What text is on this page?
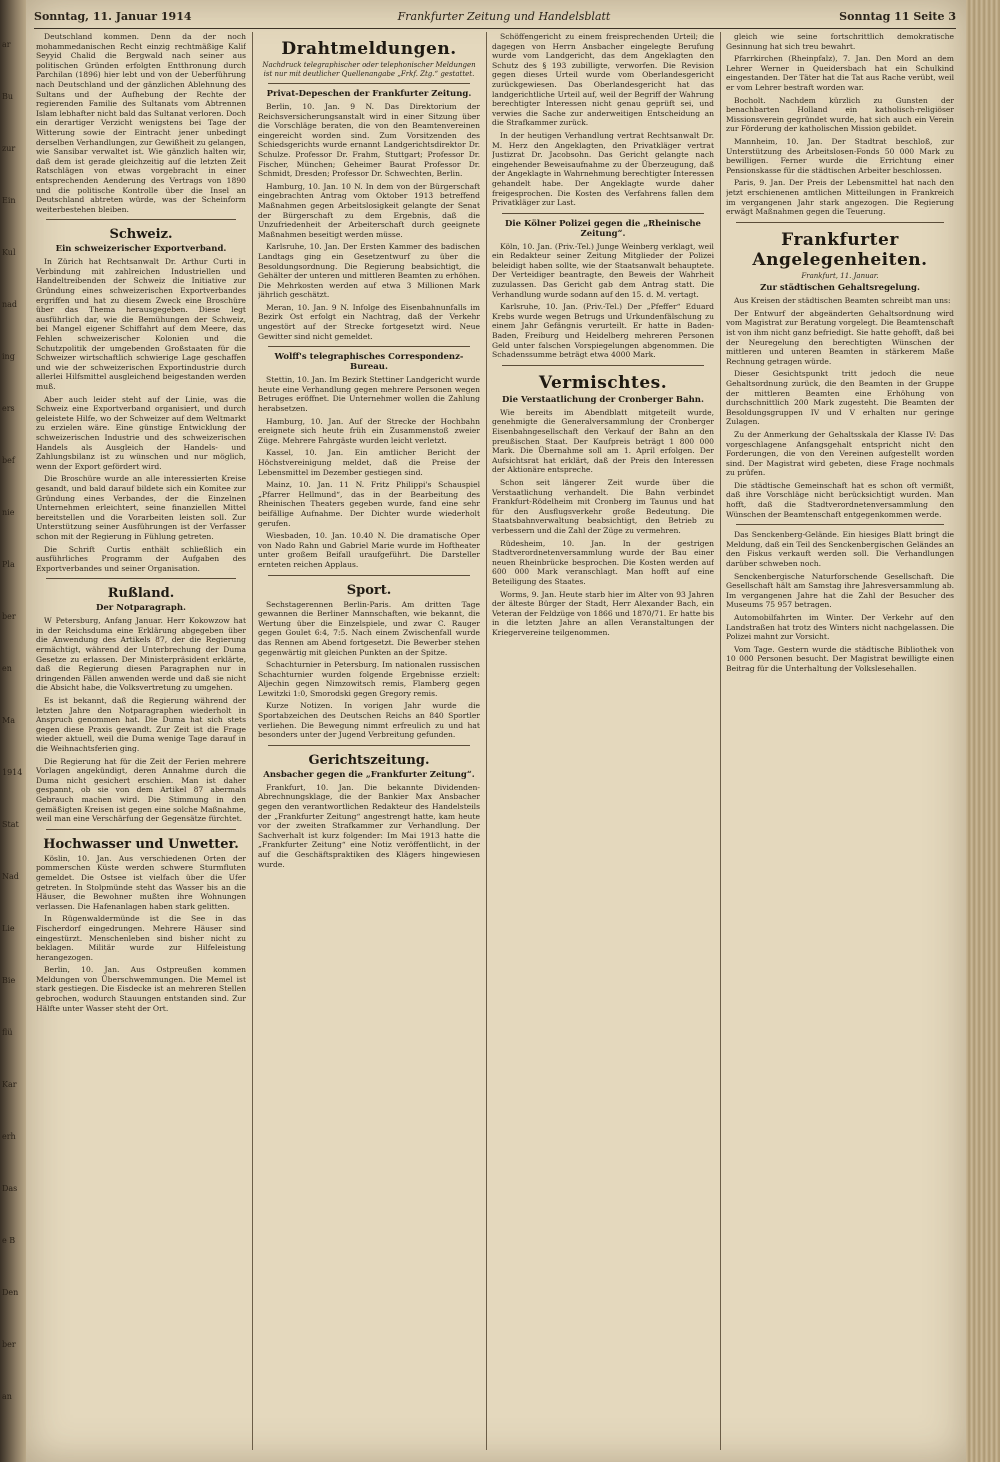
ar
Bu
zur
Ein
Kul
nad
ing
ers
bef
nie
Pla
ber
en
Ma
1914
Stat
Nad
Lie
Bie
flü
Kar
erh
Das
e B
Den
ber
an
Sonntag, 11. Januar 1914	Frankfurter Zeitung und Handelsblatt	Sonntag 11 Seite 3

Deutschland kommen. Denn da der noch mohammedanischen Recht einzig rechtmäßige Kalif Seyyid Chalid die Bergwald nach seiner aus politischen Gründen erfolgten Entthronung durch Parchilan (1896) hier lebt und von der Ueberführung nach Deutschland und der gänzlichen Ablehnung des Sultans und der Aufhebung der Rechte der regierenden Familie des Sultanats vom Abtrennen Islam lebhafter nicht bald das Sultanat verloren. Doch ein derartiger Verzicht wenigstens bei Tage der Witterung sowie der Eintracht jener unbedingt derselben Verhandlungen, zur Gewißheit zu gelangen, wie Sansibar verwaltet ist. Wie gänzlich halten wir, daß dem ist gerade gleichzeitig auf die letzten Zeit Ratschlägen von etwas vorgebracht in einer entsprechenden Aenderung des Vertrags von 1890 und die politische Kontrolle über die Insel an Deutschland abtreten würde, was der Scheinform weiterbestehen bleiben.

Schweiz.
Ein schweizerischer Exportverband.

In Zürich hat Rechtsanwalt Dr. Arthur Curti in Verbindung mit zahlreichen Industriellen und Handeltreibenden der Schweiz die Initiative zur Gründung eines schweizerischen Exportverbandes ergriffen und hat zu diesem Zweck eine Broschüre über das Thema herausgegeben. Diese legt ausführlich dar, wie die Bemühungen der Schweiz, bei Mangel eigener Schiffahrt auf dem Meere, das Fehlen schweizerischer Kolonien und die Schutzpolitik der umgebenden Großstaaten für die Schweizer wirtschaftlich schwierige Lage geschaffen und wie der schweizerischen Exportindustrie durch allerlei Hilfsmittel ausgleichend beigestanden werden muß.

Aber auch leider steht auf der Linie, was die Schweiz eine Exportverband organisiert, und durch geleistete Hilfe, wo der Schweizer auf dem Weltmarkt zu erzielen wäre. Eine günstige Entwicklung der schweizerischen Industrie und des schweizerischen Handels als Ausgleich der Handels- und Zahlungsbilanz ist zu wünschen und nur möglich, wenn der Export gefördert wird.

Die Broschüre wurde an alle interessierten Kreise gesandt, und bald darauf bildete sich ein Komitee zur Gründung eines Verbandes, der die Einzelnen Unternehmen erleichtert, seine finanziellen Mittel bereitstellen und die Vorarbeiten leisten soll. Zur Unterstützung seiner Ausführungen ist der Verfasser schon mit der Regierung in Fühlung getreten.

Die Schrift Curtis enthält schließlich ein ausführliches Programm der Aufgaben des Exportverbandes und seiner Organisation.

Rußland.
Der Notparagraph.

W Petersburg, Anfang Januar. Herr Kokowzow hat in der Reichsduma eine Erklärung abgegeben über die Anwendung des Artikels 87, der die Regierung ermächtigt, während der Unterbrechung der Duma Gesetze zu erlassen. Der Ministerpräsident erklärte, daß die Regierung diesen Paragraphen nur in dringenden Fällen anwenden werde und daß sie nicht die Absicht habe, die Volksvertretung zu umgehen.

Es ist bekannt, daß die Regierung während der letzten Jahre den Notparagraphen wiederholt in Anspruch genommen hat. Die Duma hat sich stets gegen diese Praxis gewandt. Zur Zeit ist die Frage wieder aktuell, weil die Duma wenige Tage darauf in die Weihnachtsferien ging.

Die Regierung hat für die Zeit der Ferien mehrere Vorlagen angekündigt, deren Annahme durch die Duma nicht gesichert erschien. Man ist daher gespannt, ob sie von dem Artikel 87 abermals Gebrauch machen wird. Die Stimmung in den gemäßigten Kreisen ist gegen eine solche Maßnahme, weil man eine Verschärfung der Gegensätze fürchtet.

Hochwasser und Unwetter.

Köslin, 10. Jan. Aus verschiedenen Orten der pommerschen Küste werden schwere Sturmfluten gemeldet. Die Ostsee ist vielfach über die Ufer getreten. In Stolpmünde steht das Wasser bis an die Häuser, die Bewohner mußten ihre Wohnungen verlassen. Die Hafenanlagen haben stark gelitten.

In Rügenwaldermünde ist die See in das Fischerdorf eingedrungen. Mehrere Häuser sind eingestürzt. Menschenleben sind bisher nicht zu beklagen. Militär wurde zur Hilfeleistung herangezogen.

Berlin, 10. Jan. Aus Ostpreußen kommen Meldungen von Überschwemmungen. Die Memel ist stark gestiegen. Die Eisdecke ist an mehreren Stellen gebrochen, wodurch Stauungen entstanden sind. Zur Hälfte unter Wasser steht der Ort.

Drahtmeldungen.
Nachdruck telegraphischer oder telephonischer Meldungen ist nur mit deutlicher Quellenangabe „Frkf. Ztg.“ gestattet.
Privat-Depeschen der Frankfurter Zeitung.

Berlin, 10. Jan. 9 N. Das Direktorium der Reichsversicherungsanstalt wird in einer Sitzung über die Vorschläge beraten, die von den Beamtenvereinen eingereicht worden sind. Zum Vorsitzenden des Schiedsgerichts wurde ernannt Landgerichtsdirektor Dr. Schulze. Professor Dr. Frahm, Stuttgart; Professor Dr. Fischer, München; Geheimer Baurat Professor Dr. Schmidt, Dresden; Professor Dr. Schwechten, Berlin.

Hamburg, 10. Jan. 10 N. In dem von der Bürgerschaft eingebrachten Antrag vom Oktober 1913 betreffend Maßnahmen gegen Arbeitslosigkeit gelangte der Senat der Bürgerschaft zu dem Ergebnis, daß die Unzufriedenheit der Arbeiterschaft durch geeignete Maßnahmen beseitigt werden müsse.

Karlsruhe, 10. Jan. Der Ersten Kammer des badischen Landtags ging ein Gesetzentwurf zu über die Besoldungsordnung. Die Regierung beabsichtigt, die Gehälter der unteren und mittleren Beamten zu erhöhen. Die Mehrkosten werden auf etwa 3 Millionen Mark jährlich geschätzt.

Meran, 10. Jan. 9 N. Infolge des Eisenbahnunfalls im Bezirk Ost erfolgt ein Nachtrag, daß der Verkehr ungestört auf der Strecke fortgesetzt wird. Neue Gewitter sind nicht gemeldet.

Wolff's telegraphisches Correspondenz-Bureau.

Stettin, 10. Jan. Im Bezirk Stettiner Landgericht wurde heute eine Verhandlung gegen mehrere Personen wegen Betruges eröffnet. Die Unternehmer wollen die Zahlung herabsetzen.

Hamburg, 10. Jan. Auf der Strecke der Hochbahn ereignete sich heute früh ein Zusammenstoß zweier Züge. Mehrere Fahrgäste wurden leicht verletzt.

Kassel, 10. Jan. Ein amtlicher Bericht der Höchstvereinigung meldet, daß die Preise der Lebensmittel im Dezember gestiegen sind.

Mainz, 10. Jan. 11 N. Fritz Philippi's Schauspiel „Pfarrer Hellmund“, das in der Bearbeitung des Rheinischen Theaters gegeben wurde, fand eine sehr beifällige Aufnahme. Der Dichter wurde wiederholt gerufen.

Wiesbaden, 10. Jan. 10.40 N. Die dramatische Oper von Nado Rahn und Gabriel Marie wurde im Hoftheater unter großem Beifall uraufgeführt. Die Darsteller ernteten reichen Applaus.

Sport.

Sechstagerennen Berlin-Paris. Am dritten Tage gewannen die Berliner Mannschaften, wie bekannt, die Wertung über die Einzelspiele, und zwar C. Rauger gegen Goulet 6:4, 7:5. Nach einem Zwischenfall wurde das Rennen am Abend fortgesetzt. Die Bewerber stehen gegenwärtig mit gleichen Punkten an der Spitze.

Schachturnier in Petersburg. Im nationalen russischen Schachturnier wurden folgende Ergebnisse erzielt: Aljechin gegen Nimzowitsch remis, Flamberg gegen Lewitzki 1:0, Smorodski gegen Gregory remis.

Kurze Notizen. In vorigen Jahr wurde die Sportabzeichen des Deutschen Reichs an 840 Sportler verliehen. Die Bewegung nimmt erfreulich zu und hat besonders unter der Jugend Verbreitung gefunden.

Gerichtszeitung.
Ansbacher gegen die „Frankfurter Zeitung“.

Frankfurt, 10. Jan. Die bekannte Dividenden-Abrechnungsklage, die der Bankier Max Ansbacher gegen den verantwortlichen Redakteur des Handelsteils der „Frankfurter Zeitung“ angestrengt hatte, kam heute vor der zweiten Strafkammer zur Verhandlung. Der Sachverhalt ist kurz folgender: Im Mai 1913 hatte die „Frankfurter Zeitung“ eine Notiz veröffentlicht, in der auf die Geschäftspraktiken des Klägers hingewiesen wurde.

Schöffengericht zu einem freisprechenden Urteil; die dagegen von Herrn Ansbacher eingelegte Berufung wurde vom Landgericht, das dem Angeklagten den Schutz des § 193 zubilligte, verworfen. Die Revision gegen dieses Urteil wurde vom Oberlandesgericht zurückgewiesen. Das Oberlandesgericht hat das landgerichtliche Urteil auf, weil der Begriff der Wahrung berechtigter Interessen nicht genau geprüft sei, und verwies die Sache zur anderweitigen Entscheidung an die Strafkammer zurück.

In der heutigen Verhandlung vertrat Rechtsanwalt Dr. M. Herz den Angeklagten, den Privatkläger vertrat Justizrat Dr. Jacobsohn. Das Gericht gelangte nach eingehender Beweisaufnahme zu der Überzeugung, daß der Angeklagte in Wahrnehmung berechtigter Interessen gehandelt habe. Der Angeklagte wurde daher freigesprochen. Die Kosten des Verfahrens fallen dem Privatkläger zur Last.

Die Kölner Polizei gegen die „Rheinische Zeitung“.

Köln, 10. Jan. (Priv.-Tel.) Junge Weinberg verklagt, weil ein Redakteur seiner Zeitung Mitglieder der Polizei beleidigt haben sollte, wie der Staatsanwalt behauptete. Der Verteidiger beantragte, den Beweis der Wahrheit zuzulassen. Das Gericht gab dem Antrag statt. Die Verhandlung wurde sodann auf den 15. d. M. vertagt.

Karlsruhe, 10. Jan. (Priv.-Tel.) Der „Pfeffer“ Eduard Krebs wurde wegen Betrugs und Urkundenfälschung zu einem Jahr Gefängnis verurteilt. Er hatte in Baden-Baden, Freiburg und Heidelberg mehreren Personen Geld unter falschen Vorspiegelungen abgenommen. Die Schadenssumme beträgt etwa 4000 Mark.

Vermischtes.
Die Verstaatlichung der Cronberger Bahn.

Wie bereits im Abendblatt mitgeteilt wurde, genehmigte die Generalversammlung der Cronberger Eisenbahngesellschaft den Verkauf der Bahn an den preußischen Staat. Der Kaufpreis beträgt 1 800 000 Mark. Die Übernahme soll am 1. April erfolgen. Der Aufsichtsrat hat erklärt, daß der Preis den Interessen der Aktionäre entspreche.

Schon seit längerer Zeit wurde über die Verstaatlichung verhandelt. Die Bahn verbindet Frankfurt-Rödelheim mit Cronberg im Taunus und hat für den Ausflugsverkehr große Bedeutung. Die Staatsbahnverwaltung beabsichtigt, den Betrieb zu verbessern und die Zahl der Züge zu vermehren.

Rüdesheim, 10. Jan. In der gestrigen Stadtverordnetenversammlung wurde der Bau einer neuen Rheinbrücke besprochen. Die Kosten werden auf 600 000 Mark veranschlagt. Man hofft auf eine Beteiligung des Staates.

Worms, 9. Jan. Heute starb hier im Alter von 93 Jahren der älteste Bürger der Stadt, Herr Alexander Bach, ein Veteran der Feldzüge von 1866 und 1870/71. Er hatte bis in die letzten Jahre an allen Veranstaltungen der Kriegervereine teilgenommen.

gleich wie seine fortschrittlich demokratische Gesinnung hat sich treu bewahrt.

Pfarrkirchen (Rheinpfalz), 7. Jan. Den Mord an dem Lehrer Werner in Queidersbach hat ein Schulkind eingestanden. Der Täter hat die Tat aus Rache verübt, weil er vom Lehrer bestraft worden war.

Bocholt. Nachdem kürzlich zu Gunsten der benachbarten Holland ein katholisch-religiöser Missionsverein gegründet wurde, hat sich auch ein Verein zur Förderung der katholischen Mission gebildet.

Mannheim, 10. Jan. Der Stadtrat beschloß, zur Unterstützung des Arbeitslosen-Fonds 50 000 Mark zu bewilligen. Ferner wurde die Errichtung einer Pensionskasse für die städtischen Arbeiter beschlossen.

Paris, 9. Jan. Der Preis der Lebensmittel hat nach den jetzt erschienenen amtlichen Mitteilungen in Frankreich im vergangenen Jahr stark angezogen. Die Regierung erwägt Maßnahmen gegen die Teuerung.

Frankfurter Angelegenheiten.
Frankfurt, 11. Januar.
Zur städtischen Gehaltsregelung.

Aus Kreisen der städtischen Beamten schreibt man uns:

Der Entwurf der abgeänderten Gehaltsordnung wird vom Magistrat zur Beratung vorgelegt. Die Beamtenschaft ist von ihm nicht ganz befriedigt. Sie hatte gehofft, daß bei der Neuregelung den berechtigten Wünschen der mittleren und unteren Beamten in stärkerem Maße Rechnung getragen würde.

Dieser Gesichtspunkt tritt jedoch die neue Gehaltsordnung zurück, die den Beamten in der Gruppe der mittleren Beamten eine Erhöhung von durchschnittlich 200 Mark zugesteht. Die Beamten der Besoldungsgruppen IV und V erhalten nur geringe Zulagen.

Zu der Anmerkung der Gehaltsskala der Klasse IV: Das vorgeschlagene Anfangsgehalt entspricht nicht den Forderungen, die von den Vereinen aufgestellt worden sind. Der Magistrat wird gebeten, diese Frage nochmals zu prüfen.

Die städtische Gemeinschaft hat es schon oft vermißt, daß ihre Vorschläge nicht berücksichtigt wurden. Man hofft, daß die Stadtverordnetenversammlung den Wünschen der Beamtenschaft entgegenkommen werde.

Das Senckenberg-Gelände. Ein hiesiges Blatt bringt die Meldung, daß ein Teil des Senckenbergischen Geländes an den Fiskus verkauft werden soll. Die Verhandlungen darüber schweben noch.

Senckenbergische Naturforschende Gesellschaft. Die Gesellschaft hält am Samstag ihre Jahresversammlung ab. Im vergangenen Jahre hat die Zahl der Besucher des Museums 75 957 betragen.

Automobilfahrten im Winter. Der Verkehr auf den Landstraßen hat trotz des Winters nicht nachgelassen. Die Polizei mahnt zur Vorsicht.

Vom Tage. Gestern wurde die städtische Bibliothek von 10 000 Personen besucht. Der Magistrat bewilligte einen Beitrag für die Unterhaltung der Volkslesehallen.
